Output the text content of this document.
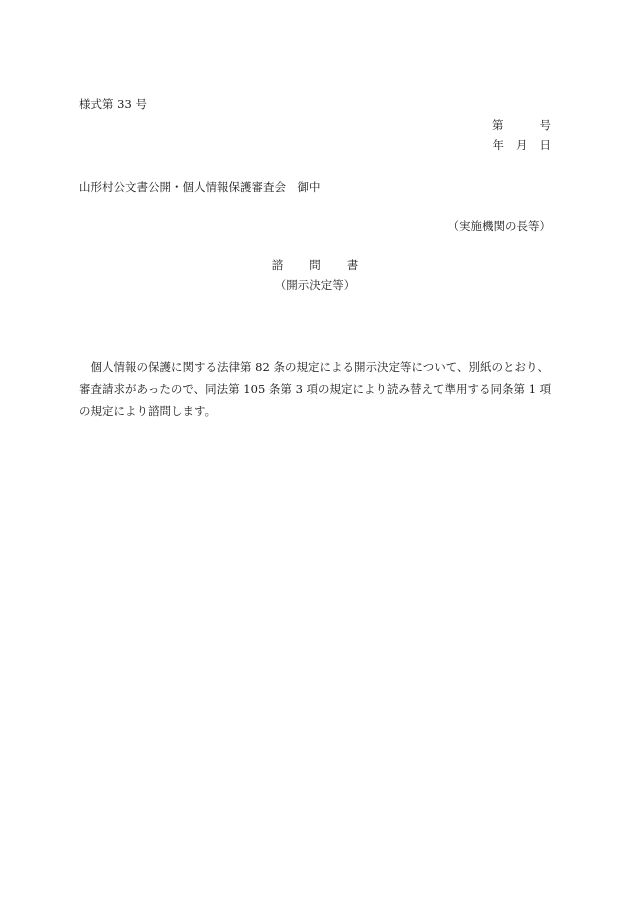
様式第 33 号
第	号
年 月 日
山形村公文書公開・個人情報保護審査会　御中
（実施機関の長等）
諮 問 書
（開示決定等）
　個人情報の保護に関する法律第 82 条の規定による開示決定等について、別紙のとおり、
審査請求があったので、同法第 105 条第 3 項の規定により読み替えて準用する同条第 1 項
の規定により諮問します。
